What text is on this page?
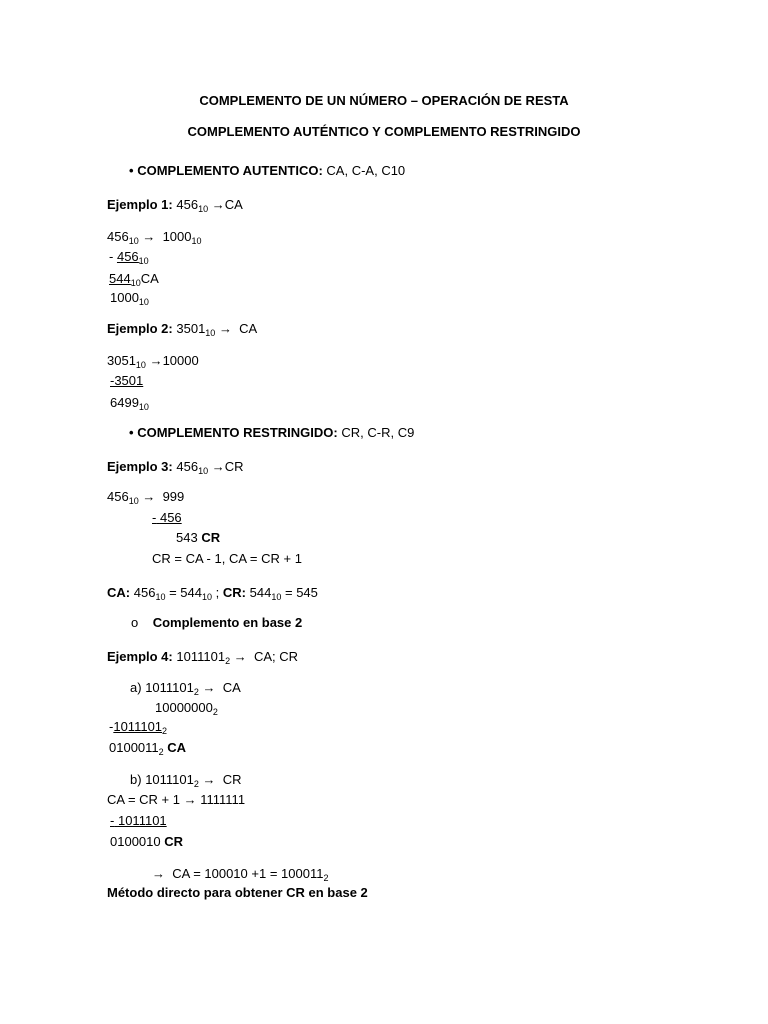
COMPLEMENTO DE UN NÚMERO – OPERACIÓN DE RESTA
COMPLEMENTO AUTÉNTICO Y COMPLEMENTO RESTRINGIDO
• COMPLEMENTO AUTENTICO: CA, C-A, C10
Ejemplo 1: $456_{10} \to CA$
$456_{10} \to 1000_{10}$
- $456_{10}$
$544_{10}CA$
$1000_{10}$
Ejemplo 2: $3501_{10}$ → CA
$3051_{10} \to 10000$
-3501
$6499_{10}$
• COMPLEMENTO RESTRINGIDO: CR, C-R, C9
Ejemplo 3: $456_{10} \to CR$
$456_{10} \to 999$
- 456
543 CR
CR = CA - 1, CA = CR + 1
CA: $456_{10} = 544_{10}$ ; CR: $544_{10} = 545$
o Complemento en base 2
Ejemplo 4: $1011101_2$ → CA; CR
a) $1011101_2$ → CA
$10000000_2$
$-1011101_2$
$0100011_2$ CA
b) $1011101_2$ → CR
CA = CR + 1 → 1111111
- 1011101
0100010 CR
→ CA = $100010 +1 = 100011_2$
Método directo para obtener CR en base 2
